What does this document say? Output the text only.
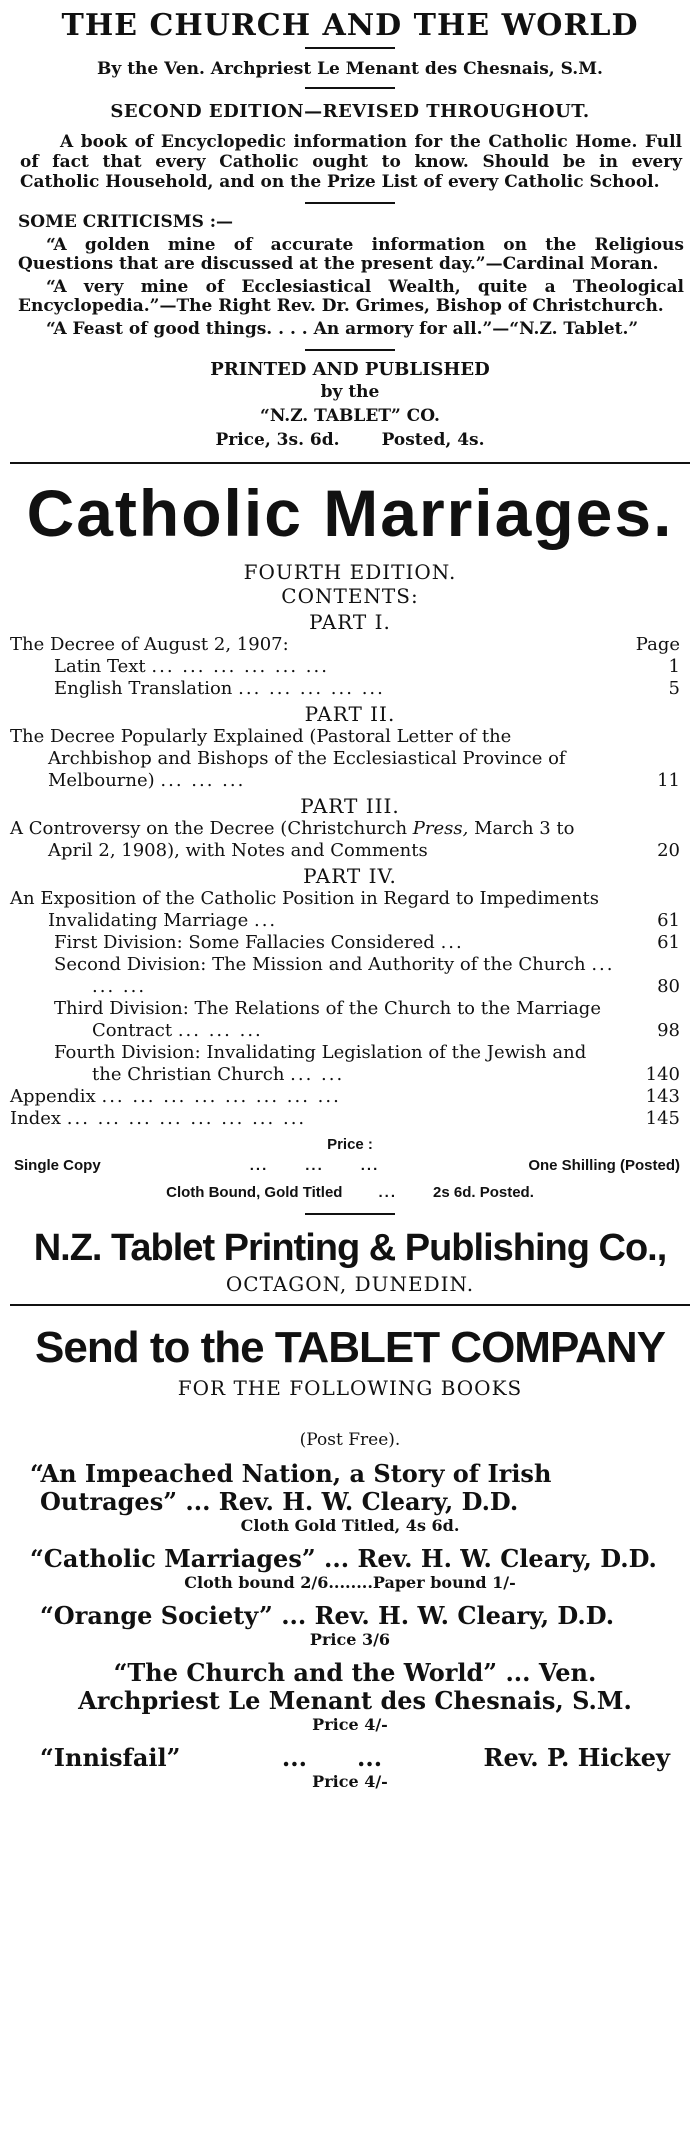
THE CHURCH AND THE WORLD
By the Ven. Archpriest Le Menant des Chesnais, S.M.
SECOND EDITION—REVISED THROUGHOUT.
A book of Encyclopedic information for the Catholic Home. Full of fact that every Catholic ought to know. Should be in every Catholic Household, and on the Prize List of every Catholic School.
SOME CRITICISMS :—
“A golden mine of accurate information on the Religious Questions that are discussed at the present day.”—Cardinal Moran.
“A very mine of Ecclesiastical Wealth, quite a Theological Encyclopedia.”—The Right Rev. Dr. Grimes, Bishop of Christchurch.
“A Feast of good things. . . . An armory for all.”—“N.Z. Tablet.”
PRINTED AND PUBLISHED
by the
“N.Z. TABLET” CO.
Price, 3s. 6d. Posted, 4s.
Catholic Marriages.
FOURTH EDITION.
CONTENTS:
PART I.
The Decree of August 2, 1907:	Page
Latin Text ... ... ... ... ... ...	1
English Translation ... ... ... ... ...	5
PART II.
The Decree Popularly Explained (Pastoral Letter of the Archbishop and Bishops of the Ecclesiastical Province of Melbourne) ... ... ...	11
PART III.
A Controversy on the Decree (Christchurch Press, March 3 to April 2, 1908), with Notes and Comments	20
PART IV.
An Exposition of the Catholic Position in Regard to Impediments Invalidating Marriage ...	61
First Division: Some Fallacies Considered ...	61
Second Division: The Mission and Authority of the Church ... ... ...	80
Third Division: The Relations of the Church to the Marriage Contract ... ... ...	98
Fourth Division: Invalidating Legislation of the Jewish and the Christian Church ... ...	140
Appendix ... ... ... ... ... ... ... ...	143
Index ... ... ... ... ... ... ... ...	145
Price :
Single Copy	...      ...      ...	One Shilling (Posted)
Cloth Bound, Gold Titled ... 2s 6d. Posted.
N.Z. Tablet Printing & Publishing Co.,
OCTAGON, DUNEDIN.
Send to the TABLET COMPANY
FOR THE FOLLOWING BOOKS
(Post Free).
“An Impeached Nation, a Story of Irish Outrages” ... Rev. H. W. Cleary, D.D.
Cloth Gold Titled, 4s 6d.
“Catholic Marriages” ... Rev. H. W. Cleary, D.D.
Cloth bound 2/6........Paper bound 1/-
“Orange Society” ... Rev. H. W. Cleary, D.D.
Price 3/6
“The Church and the World” ... Ven. Archpriest Le Menant des Chesnais, S.M.
Price 4/-
“Innisfail”	...      ...	Rev. P. Hickey
Price 4/-
